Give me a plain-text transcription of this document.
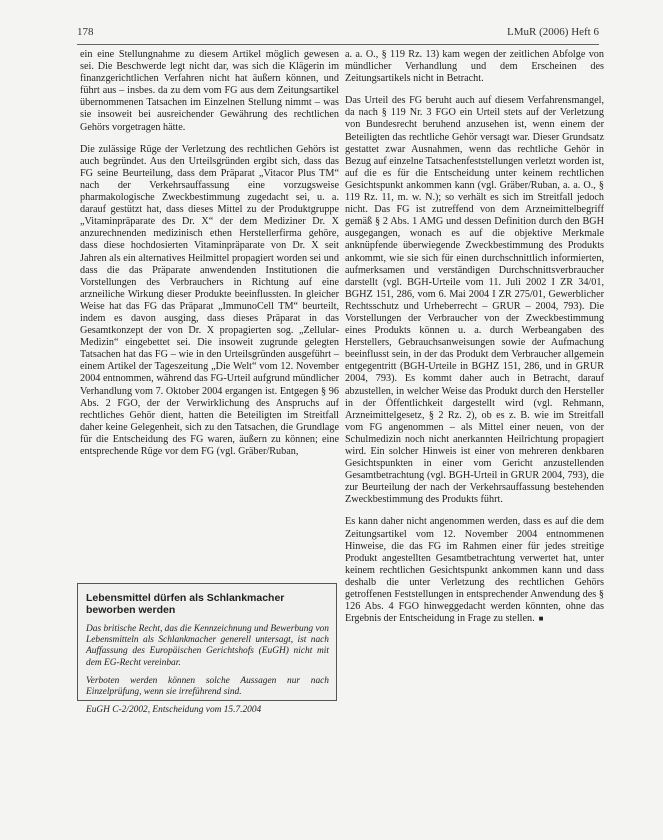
178	LMuR (2006) Heft 6

ein eine Stellungnahme zu diesem Artikel möglich gewesen sei. Die Beschwerde legt nicht dar, was sich die Klägerin im finanzgerichtlichen Verfahren nicht hat äußern können, und führt aus – insbes. da zu dem vom FG aus dem Zeitungsartikel übernommenen Tatsachen im Einzelnen Stellung nimmt – was sie insoweit bei ausreichender Gewährung des rechtlichen Gehörs vorgetragen hätte.

Die zulässige Rüge der Verletzung des rechtlichen Gehörs ist auch begründet. Aus den Urteilsgründen ergibt sich, dass das FG seine Beurteilung, dass dem Präparat „Vitacor Plus TM“ nach der Verkehrsauffassung eine vorzugsweise pharmakologische Zweckbestimmung zugedacht sei, u. a. darauf gestützt hat, dass dieses Mittel zu der Produktgruppe „Vitaminpräparate des Dr. X“ der dem Mediziner Dr. X anzurechnenden medizinisch ethen Herstellerfirma gehöre, dass diese hochdosierten Vitaminpräparate von Dr. X seit Jahren als ein alternatives Heilmittel propagiert worden sei und dass die das Präparate anwendenden Institutionen die Vorstellungen des Verbrauchers in Richtung auf eine arzneiliche Wirkung dieser Produkte beeinflussten. In gleicher Weise hat das FG das Präparat „ImmunoCell TM“ beurteilt, indem es davon ausging, dass dieses Präparat in das Gesamtkonzept der von Dr. X propagierten sog. „Zellular-Medizin“ eingebettet sei. Die insoweit zugrunde gelegten Tatsachen hat das FG – wie in den Urteilsgründen ausgeführt – einem Artikel der Tageszeitung „Die Welt“ vom 12. November 2004 entnommen, während das FG-Urteil aufgrund mündlicher Verhandlung vom 7. Oktober 2004 ergangen ist. Entgegen § 96 Abs. 2 FGO, der der Verwirklichung des Anspruchs auf rechtliches Gehör dient, hatten die Beteiligten im Streitfall daher keine Gelegenheit, sich zu den Tatsachen, die Grundlage für die Entscheidung des FG waren, äußern zu können; eine entsprechende Rüge vor dem FG (vgl. Gräber/Ruban,

Lebensmittel dürfen als Schlankmacher beworben werden

Das britische Recht, das die Kennzeichnung und Bewerbung von Lebensmitteln als Schlankmacher generell untersagt, ist nach Auffassung des Europäischen Gerichtshofs (EuGH) nicht mit dem EG-Recht vereinbar.

Verboten werden können solche Aussagen nur nach Einzelprüfung, wenn sie irreführend sind.

EuGH C-2/2002, Entscheidung vom 15.7.2004

a. a. O., § 119 Rz. 13) kam wegen der zeitlichen Abfolge von mündlicher Verhandlung und dem Erscheinen des Zeitungsartikels nicht in Betracht.

Das Urteil des FG beruht auch auf diesem Verfahrensmangel, da nach § 119 Nr. 3 FGO ein Urteil stets auf der Verletzung von Bundesrecht beruhend anzusehen ist, wenn einem der Beteiligten das rechtliche Gehör versagt war. Dieser Grundsatz gestattet zwar Ausnahmen, wenn das rechtliche Gehör in Bezug auf einzelne Tatsachenfeststellungen verletzt worden ist, auf die es für die Entscheidung unter keinem rechtlichen Gesichtspunkt ankommen kann (vgl. Gräber/Ruban, a. a. O., § 119 Rz. 11, m. w. N.); so verhält es sich im Streitfall jedoch nicht. Das FG ist zutreffend von dem Arzneimittelbegriff gemäß § 2 Abs. 1 AMG und dessen Definition durch den BGH ausgegangen, wonach es auf die objektive Merkmale anknüpfende überwiegende Zweckbestimmung des Produkts ankommt, wie sie sich für einen durchschnittlich informierten, aufmerksamen und verständigen Durchschnittsverbraucher darstellt (vgl. BGH-Urteile vom 11. Juli 2002 I ZR 34/01, BGHZ 151, 286, vom 6. Mai 2004 I ZR 275/01, Gewerblicher Rechtsschutz und Urheberrecht – GRUR – 2004, 793). Die Vorstellungen der Verbraucher von der Zweckbestimmung eines Produkts können u. a. durch Werbeangaben des Herstellers, Gebrauchsanweisungen sowie der Aufmachung beeinflusst sein, in der das Produkt dem Verbraucher allgemein entgegentritt (BGH-Urteile in BGHZ 151, 286, und in GRUR 2004, 793). Es kommt daher auch in Betracht, darauf abzustellen, in welcher Weise das Produkt durch den Hersteller in der Öffentlichkeit dargestellt wird (vgl. Rehmann, Arzneimittelgesetz, § 2 Rz. 2), ob es z. B. wie im Streitfall vom FG angenommen – als Mittel einer neuen, von der Schulmedizin noch nicht anerkannten Heilrichtung propagiert wird. Ein solcher Hinweis ist einer von mehreren denkbaren Gesichtspunkten in einer vom Gericht anzustellenden Gesamtbetrachtung (vgl. BGH-Urteil in GRUR 2004, 793), die zur Beurteilung der nach der Verkehrsauffassung bestehenden Zweckbestimmung des Produkts führt.

Es kann daher nicht angenommen werden, dass es auf die dem Zeitungsartikel vom 12. November 2004 entnommenen Hinweise, die das FG im Rahmen einer für jedes streitige Produkt angestellten Gesamtbetrachtung verwertet hat, unter keinem rechtlichen Gesichtspunkt ankommen kann und dass deshalb die unter Verletzung des rechtlichen Gehörs getroffenen Feststellungen in entsprechender Anwendung des § 126 Abs. 4 FGO hinweggedacht werden könnten, ohne das Ergebnis der Entscheidung in Frage zu stellen. ■
